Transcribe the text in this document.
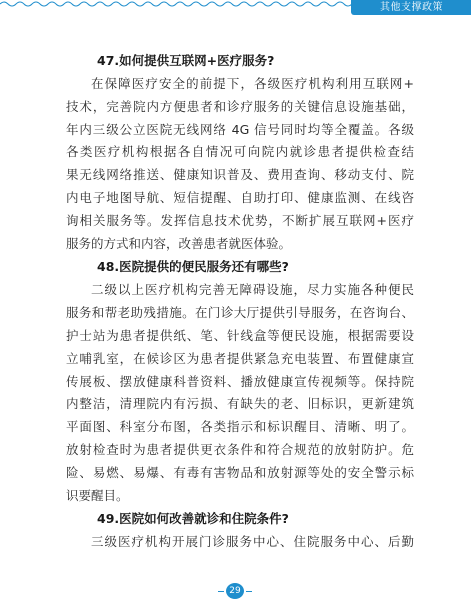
其他支撑政策
47.如何提供互联网+医疗服务?
在保障医疗安全的前提下，各级医疗机构利用互联网+
技术，完善院内方便患者和诊疗服务的关键信息设施基础，
年内三级公立医院无线网络 4G 信号同时均等全覆盖。各级
各类医疗机构根据各自情况可向院内就诊患者提供检查结
果无线网络推送、健康知识普及、费用查询、移动支付、院
内电子地图导航、短信提醒、自助打印、健康监测、在线咨
询相关服务等。发挥信息技术优势，不断扩展互联网+医疗
服务的方式和内容，改善患者就医体验。
48.医院提供的便民服务还有哪些?
二级以上医疗机构完善无障碍设施，尽力实施各种便民
服务和帮老助残措施。在门诊大厅提供引导服务，在咨询台、
护士站为患者提供纸、笔、针线盒等便民设施，根据需要设
立哺乳室，在候诊区为患者提供紧急充电装置、布置健康宣
传展板、摆放健康科普资料、播放健康宣传视频等。保持院
内整洁，清理院内有污损、有缺失的老、旧标识，更新建筑
平面图、科室分布图，各类指示和标识醒目、清晰、明了。
放射检查时为患者提供更衣条件和符合规范的放射防护。危
险、易燃、易爆、有毒有害物品和放射源等处的安全警示标
识要醒目。
49.医院如何改善就诊和住院条件?
三级医疗机构开展门诊服务中心、住院服务中心、后勤
29
